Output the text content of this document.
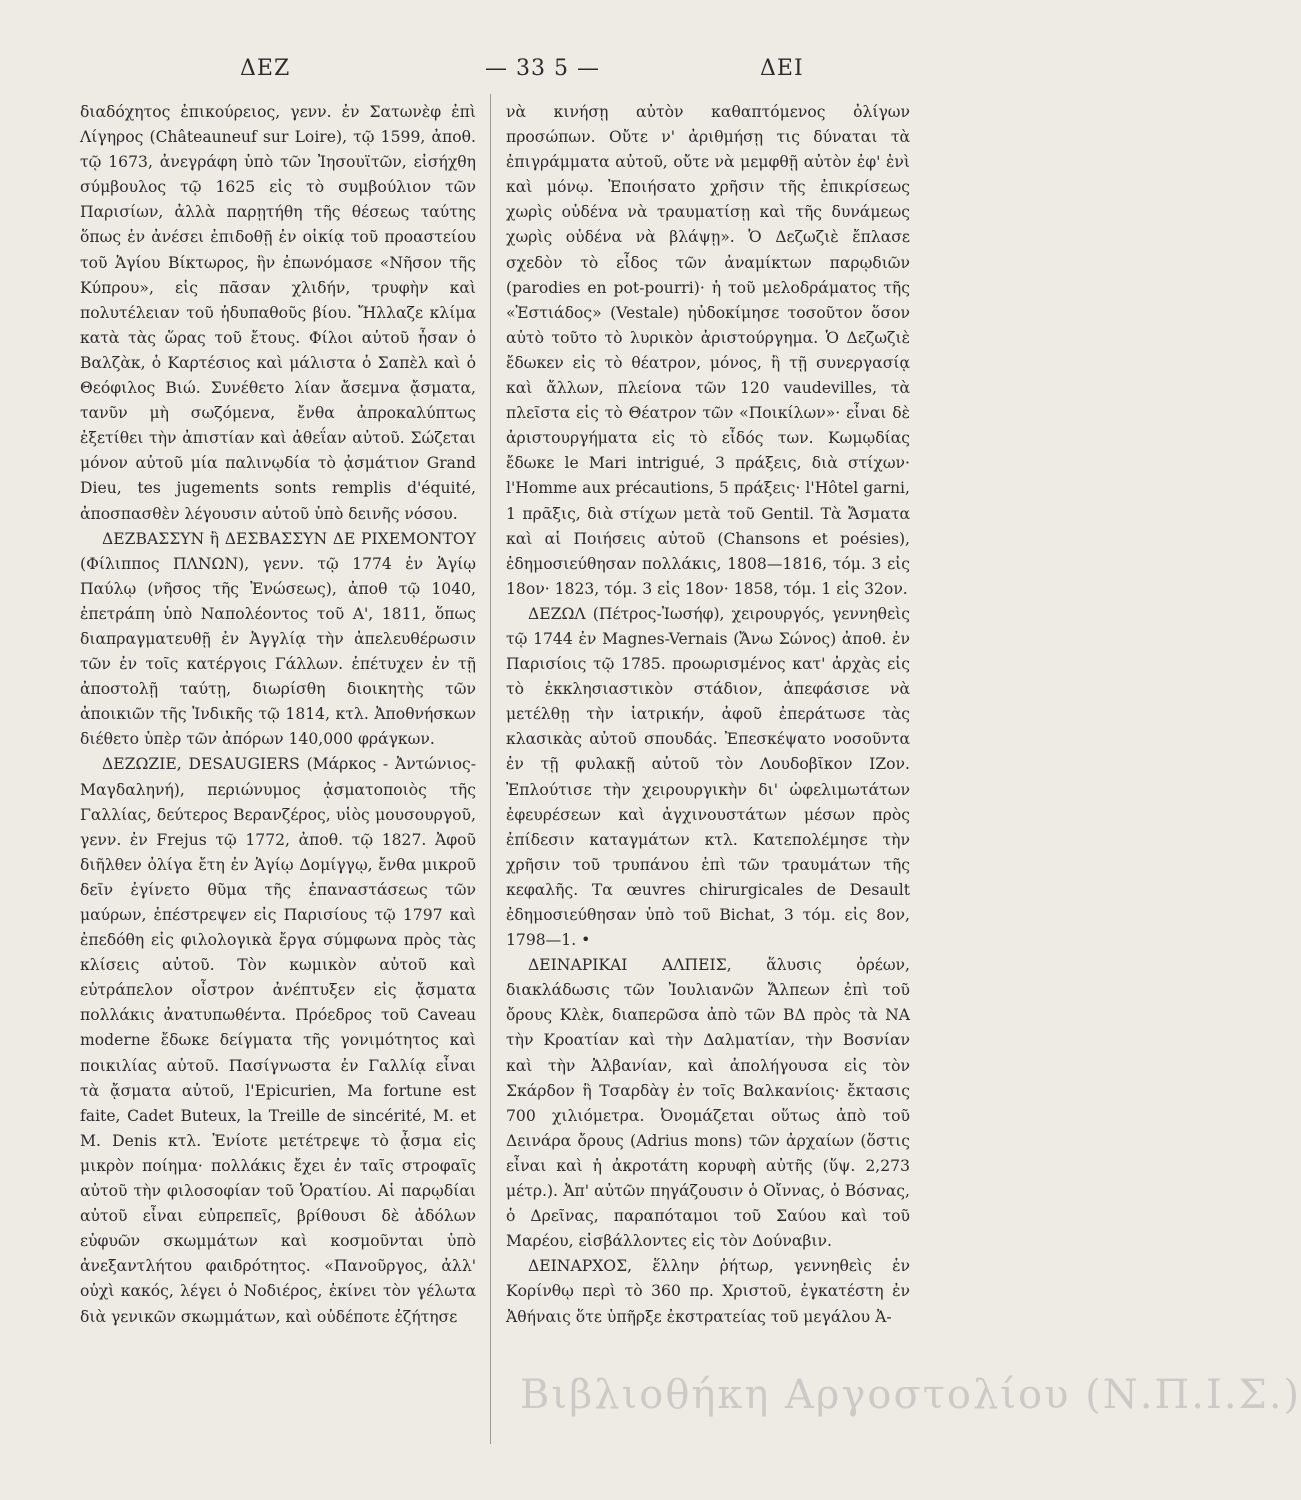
ΔΕΖ	— 33 5 —	ΔΕΙ

διαδόχητος ἐπικούρειος, γενν. ἐν Σατωνὲφ ἐπὶ Λίγηρος (Châteauneuf sur Loire), τῷ 1599, ἀποθ. τῷ 1673, ἀνεγράφη ὑπὸ τῶν Ἰησουϊτῶν, εἰσήχθη σύμβουλος τῷ 1625 εἰς τὸ συμβούλιον τῶν Παρισίων, ἀλλὰ παρῃτήθη τῆς θέσεως ταύτης ὅπως ἐν ἀνέσει ἐπιδοθῇ ἐν οἰκίᾳ τοῦ προαστείου τοῦ Ἁγίου Βίκτωρος, ἣν ἐπωνόμασε «Νῆσον τῆς Κύπρου», εἰς πᾶσαν χλιδήν, τρυφὴν καὶ πολυτέλειαν τοῦ ἡδυπαθοῦς βίου. Ἤλλαζε κλίμα κατὰ τὰς ὥρας τοῦ ἔτους. Φίλοι αὐτοῦ ἦσαν ὁ Βαλζὰκ, ὁ Καρτέσιος καὶ μάλιστα ὁ Σαπὲλ καὶ ὁ Θεόφιλος Βιώ. Συνέθετο λίαν ἄσεμνα ᾄσματα, τανῦν μὴ σωζόμενα, ἔνθα ἀπροκαλύπτως ἐξετίθει τὴν ἀπιστίαν καὶ ἀθεΐαν αὐτοῦ. Σώζεται μόνον αὐτοῦ μία παλινῳδία τὸ ᾀσμάτιον Grand Dieu, tes jugements sonts remplis d'équité, ἀποσπασθὲν λέγουσιν αὐτοῦ ὑπὸ δεινῆς νόσου.

ΔΕΖΒΑΣΣΥΝ ἢ ΔΕΣΒΑΣΣΥΝ ΔΕ ΡΙΧΕΜΟΝΤΟΥ (Φίλιππος ΠΛΝΩΝ), γενν. τῷ 1774 ἐν Ἁγίῳ Παύλῳ (νῆσος τῆς Ἑνώσεως), ἀποθ τῷ 1040, ἐπετράπη ὑπὸ Ναπολέοντος τοῦ Α', 1811, ὅπως διαπραγματευθῇ ἐν Ἀγγλίᾳ τὴν ἀπελευθέρωσιν τῶν ἐν τοῖς κατέργοις Γάλλων. ἐπέτυχεν ἐν τῇ ἀποστολῇ ταύτῃ, διωρίσθη διοικητὴς τῶν ἀποικιῶν τῆς Ἰνδικῆς τῷ 1814, κτλ. Ἀποθνήσκων διέθετο ὑπὲρ τῶν ἀπόρων 140,000 φράγκων.

ΔΕΖΩΖΙΕ, DESAUGIERS (Μάρκος - Ἀντώνιος-Μαγδαληνή), περιώνυμος ᾀσματοποιὸς τῆς Γαλλίας, δεύτερος Βερανζέρος, υἱὸς μουσουργοῦ, γενν. ἐν Frejus τῷ 1772, ἀποθ. τῷ 1827. Ἀφοῦ διῆλθεν ὀλίγα ἔτη ἐν Ἁγίῳ Δομίγγῳ, ἔνθα μικροῦ δεῖν ἐγίνετο θῦμα τῆς ἐπαναστάσεως τῶν μαύρων, ἐπέστρεψεν εἰς Παρισίους τῷ 1797 καὶ ἐπεδόθη εἰς φιλολογικὰ ἔργα σύμφωνα πρὸς τὰς κλίσεις αὐτοῦ. Τὸν κωμικὸν αὐτοῦ καὶ εὐτράπελον οἶστρον ἀνέπτυξεν εἰς ᾄσματα πολλάκις ἀνατυπωθέντα. Πρόεδρος τοῦ Caveau moderne ἔδωκε δείγματα τῆς γονιμότητος καὶ ποικιλίας αὐτοῦ. Πασίγνωστα ἐν Γαλλίᾳ εἶναι τὰ ᾄσματα αὐτοῦ, l'Epicurien, Ma fortune est faite, Cadet Buteux, la Treille de sincérité, M. et M. Denis κτλ. Ἐνίοτε μετέτρεψε τὸ ᾆσμα εἰς μικρὸν ποίημα· πολλάκις ἔχει ἐν ταῖς στροφαῖς αὐτοῦ τὴν φιλοσοφίαν τοῦ Ὁρατίου. Αἱ παρῳδίαι αὐτοῦ εἶναι εὐπρεπεῖς, βρίθουσι δὲ ἀδόλων εὐφυῶν σκωμμάτων καὶ κοσμοῦνται ὑπὸ ἀνεξαντλήτου φαιδρότητος. «Πανοῦργος, ἀλλ' οὐχὶ κακός, λέγει ὁ Νοδιέρος, ἐκίνει τὸν γέλωτα διὰ γενικῶν σκωμμάτων, καὶ οὐδέποτε ἐζήτησε

νὰ κινήσῃ αὐτὸν καθαπτόμενος ὀλίγων προσώπων. Οὔτε ν' ἀριθμήσῃ τις δύναται τὰ ἐπιγράμματα αὐτοῦ, οὔτε νὰ μεμφθῇ αὐτὸν ἐφ' ἑνὶ καὶ μόνῳ. Ἐποιήσατο χρῆσιν τῆς ἐπικρίσεως χωρὶς οὐδένα νὰ τραυματίσῃ καὶ τῆς δυνάμεως χωρὶς οὐδένα νὰ βλάψῃ». Ὁ Δεζωζιὲ ἔπλασε σχεδὸν τὸ εἶδος τῶν ἀναμίκτων παρῳδιῶν (parodies en pot-pourri)· ἡ τοῦ μελοδράματος τῆς «Ἑστιάδος» (Vestale) ηὐδοκίμησε τοσοῦτον ὅσον αὐτὸ τοῦτο τὸ λυρικὸν ἀριστούργημα. Ὁ Δεζωζιὲ ἔδωκεν εἰς τὸ θέατρον, μόνος, ἢ τῇ συνεργασίᾳ καὶ ἄλλων, πλείονα τῶν 120 vaudevilles, τὰ πλεῖστα εἰς τὸ Θέατρον τῶν «Ποικίλων»· εἶναι δὲ ἀριστουργήματα εἰς τὸ εἶδός των. Κωμῳδίας ἔδωκε le Mari intrigué, 3 πράξεις, διὰ στίχων· l'Homme aux précautions, 5 πράξεις· l'Hôtel garni, 1 πρᾶξις, διὰ στίχων μετὰ τοῦ Gentil. Τὰ Ἄσματα καὶ αἱ Ποιήσεις αὐτοῦ (Chansons et poésies), ἐδημοσιεύθησαν πολλάκις, 1808—1816, τόμ. 3 εἰς 18ον· 1823, τόμ. 3 εἰς 18ον· 1858, τόμ. 1 εἰς 32ον.

ΔΕΖΩΛ (Πέτρος-Ἰωσήφ), χειρουργός, γεννηθεὶς τῷ 1744 ἐν Magnes-Vernais (Ἄνω Σώνος) ἀποθ. ἐν Παρισίοις τῷ 1785. προωρισμένος κατ' ἀρχὰς εἰς τὸ ἐκκλησιαστικὸν στάδιον, ἀπεφάσισε νὰ μετέλθῃ τὴν ἰατρικήν, ἀφοῦ ἐπεράτωσε τὰς κλασικὰς αὐτοῦ σπουδάς. Ἐπεσκέψατο νοσοῦντα ἐν τῇ φυλακῇ αὐτοῦ τὸν Λουδοβῖκον ΙΖον. Ἐπλούτισε τὴν χειρουργικὴν δι' ὠφελιμωτάτων ἐφευρέσεων καὶ ἀγχινουστάτων μέσων πρὸς ἐπίδεσιν καταγμάτων κτλ. Κατεπολέμησε τὴν χρῆσιν τοῦ τρυπάνου ἐπὶ τῶν τραυμάτων τῆς κεφαλῆς. Τα œuvres chirurgicales de Desault ἐδημοσιεύθησαν ὑπὸ τοῦ Bichat, 3 τόμ. εἰς 8ον, 1798—1. •

ΔΕΙΝΑΡΙΚΑΙ ΑΛΠΕΙΣ, ἅλυσις ὀρέων, διακλάδωσις τῶν Ἰουλιανῶν Ἄλπεων ἐπὶ τοῦ ὄρους Κλὲκ, διαπερῶσα ἀπὸ τῶν ΒΔ πρὸς τὰ ΝΑ τὴν Κροατίαν καὶ τὴν Δαλματίαν, τὴν Βοσνίαν καὶ τὴν Ἀλβανίαν, καὶ ἀπολήγουσα εἰς τὸν Σκάρδον ἢ Τσαρδὰγ ἐν τοῖς Βαλκανίοις· ἔκτασις 700 χιλιόμετρα. Ὀνομάζεται οὕτως ἀπὸ τοῦ Δεινάρα ὄρους (Adrius mons) τῶν ἀρχαίων (ὅστις εἶναι καὶ ἡ ἀκροτάτη κορυφὴ αὐτῆς (ὕψ. 2,273 μέτρ.). Ἀπ' αὐτῶν πηγάζουσιν ὁ Οἴννας, ὁ Βόσνας, ὁ Δρεῖνας, παραπόταμοι τοῦ Σαύου καὶ τοῦ Μαρέου, εἰσβάλλοντες εἰς τὸν Δούναβιν.

ΔΕΙΝΑΡΧΟΣ, ἕλλην ῥήτωρ, γεννηθεὶς ἐν Κορίνθῳ περὶ τὸ 360 πρ. Χριστοῦ, ἐγκατέστη ἐν Ἀθήναις ὅτε ὑπῆρξε ἐκστρατείας τοῦ μεγάλου Ἀ-

Βιβλιοθήκη Αργοστολίου (Ν.Π.Ι.Σ.)
